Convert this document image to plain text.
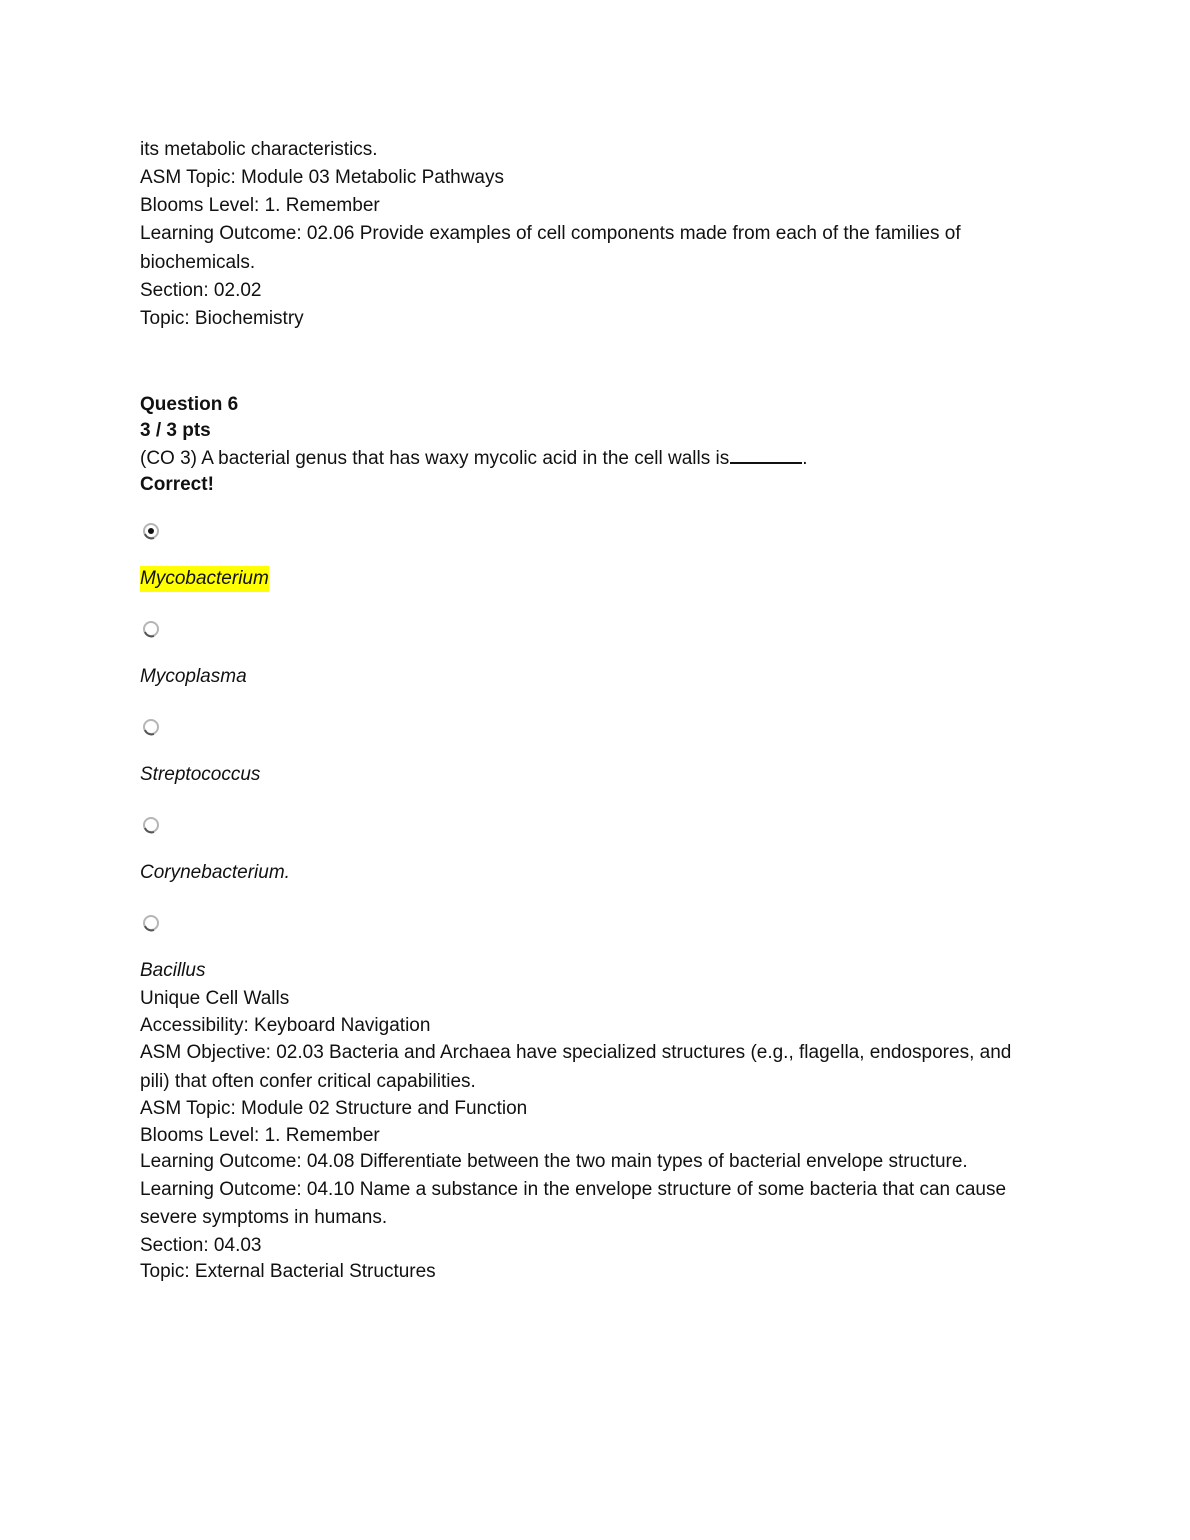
its metabolic characteristics.

ASM Topic: Module 03 Metabolic Pathways

Blooms Level: 1. Remember

Learning Outcome: 02.06 Provide examples of cell components made from each of the families of biochemicals.

Section: 02.02

Topic: Biochemistry

Question 6

3 / 3 pts

(CO 3) A bacterial genus that has waxy mycolic acid in the cell walls is	.

Correct!

Mycobacterium
Mycoplasma
Streptococcus
Corynebacterium.
Bacillus

Unique Cell Walls

Accessibility: Keyboard Navigation

ASM Objective: 02.03 Bacteria and Archaea have specialized structures (e.g., flagella, endospores, and pili) that often confer critical capabilities.

ASM Topic: Module 02 Structure and Function

Blooms Level: 1. Remember

Learning Outcome: 04.08 Differentiate between the two main types of bacterial envelope structure.

Learning Outcome: 04.10 Name a substance in the envelope structure of some bacteria that can cause severe symptoms in humans.

Section: 04.03

Topic: External Bacterial Structures
